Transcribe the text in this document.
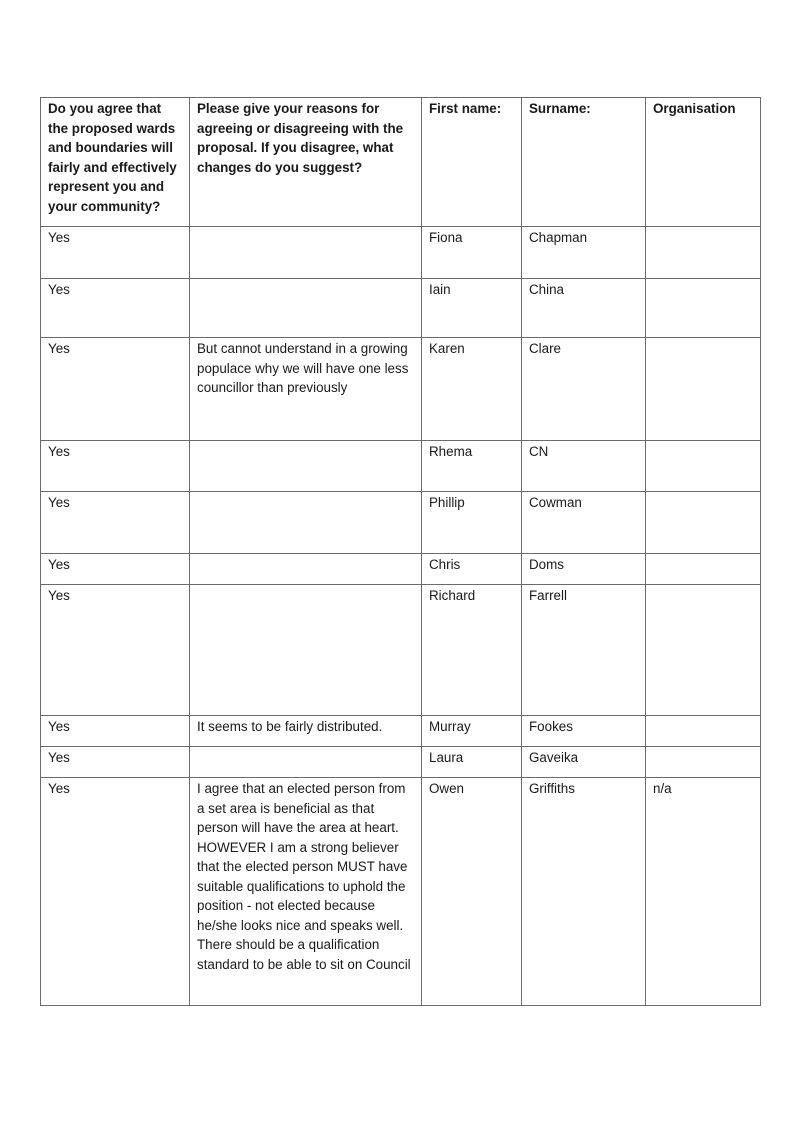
Do you agree that the proposed wards and boundaries will fairly and effectively represent you and your community?	Please give your reasons for agreeing or disagreeing with the proposal. If you disagree, what changes do you suggest?	First name:	Surname:	Organisation
Yes		Fiona	Chapman	
Yes		Iain	China	
Yes	But cannot understand in a growing populace why we will have one less councillor than previously	Karen	Clare	
Yes		Rhema	CN	
Yes		Phillip	Cowman	
Yes		Chris	Doms	
Yes		Richard	Farrell	
Yes	It seems to be fairly distributed.	Murray	Fookes	
Yes		Laura	Gaveika	
Yes	I agree that an elected person from a set area is beneficial as that person will have the area at heart. HOWEVER I am a strong believer that the elected person MUST have suitable qualifications to uphold the position - not elected because he/she looks nice and speaks well. There should be a qualification standard to be able to sit on Council	Owen	Griffiths	n/a
